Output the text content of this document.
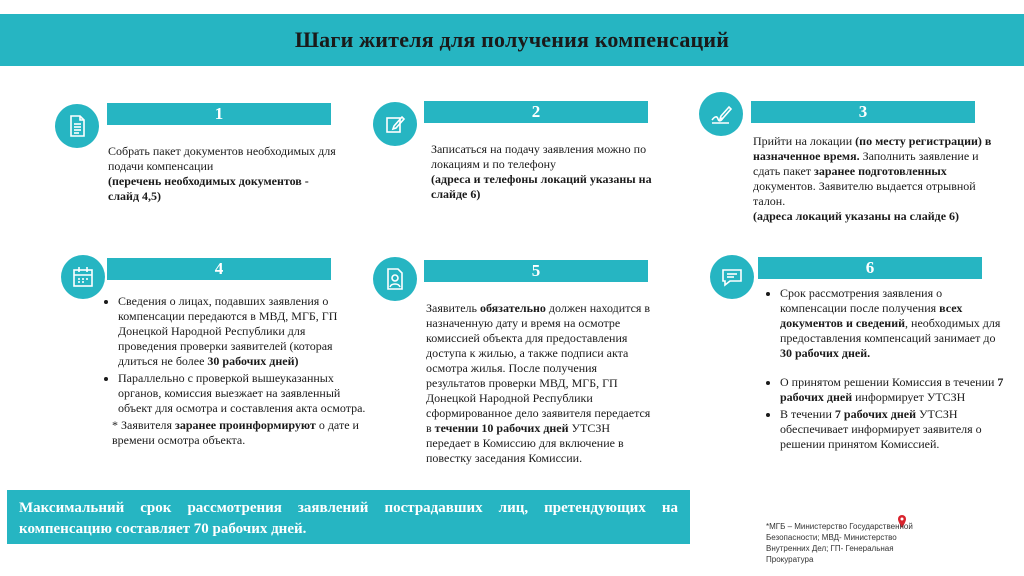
Шаги жителя для получения компенсаций
1

Собрать пакет документов необходимых для подачи компенсации

(перечень необходимых документов - слайд 4,5)

2

Записаться на подачу заявления можно по локациям и по телефону

(адреса и телефоны локаций указаны на слайде 6)

3

Прийти на локации (по месту регистрации) в назначенное время. Заполнить заявление и сдать пакет заранее подготовленных документов. Заявителю выдается отрывной талон.

(адреса локаций указаны на слайде 6)

4
• Сведения о лицах, подавших заявления о компенсации передаются в МВД, МГБ, ГП Донецкой Народной Республики для проведения проверки заявителей (которая длиться не более 30 рабочих дней)
• Параллельно с проверкой вышеуказанных органов, комиссия выезжает на заявленный объект для осмотра и составления акта осмотра.

* Заявителя заранее проинформируют о дате и времени осмотра объекта.

5

Заявитель обязательно должен находится в назначенную дату и время на осмотре комиссией объекта для предоставления доступа к жилью, а также подписи акта осмотра жилья. После получения результатов проверки МВД, МГБ, ГП Донецкой Народной Республики сформированное дело заявителя передается в течении 10 рабочих дней УТСЗН передает в Комиссию для включение в повестку заседания Комиссии.

6
• Срок рассмотрения заявления о компенсации после получения всех документов и сведений, необходимых для предоставления компенсаций занимает до 30 рабочих дней.
• О принятом решении Комиссия в течении 7 рабочих дней информирует УТСЗН
• В течении 7 рабочих дней УТСЗН обеспечивает информирует заявителя о решении принятом Комиссией.
Максимальний срок рассмотрения заявлений пострадавших лиц, претендующих на компенсацию составляет 70 рабочих дней.	*МГБ – Министерство Государственной Безопасности; МВД- Министерство Внутренних Дел; ГП- Генеральная Прокуратура
